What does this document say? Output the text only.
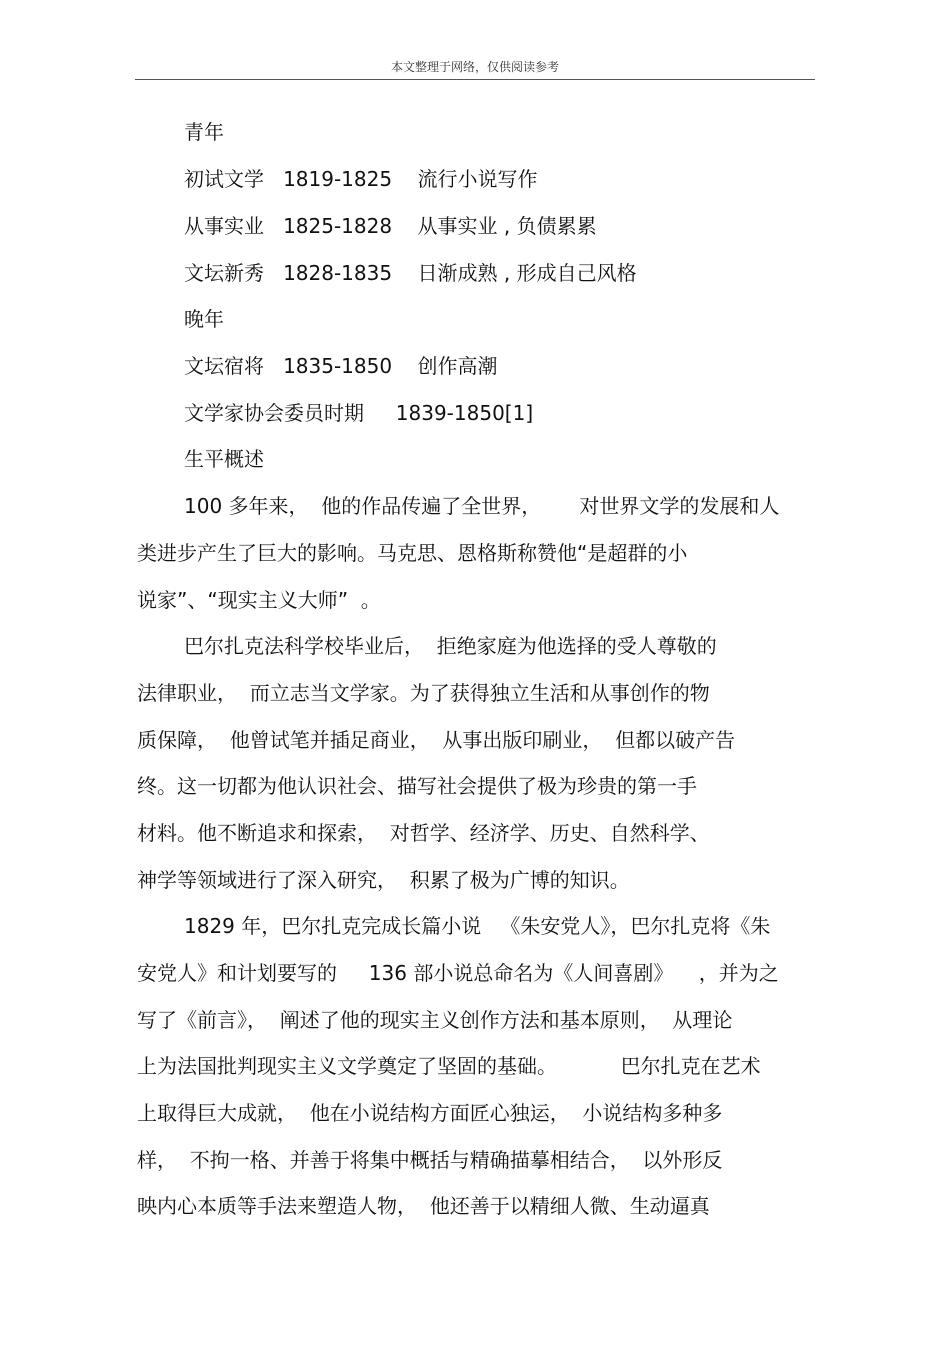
本文整理于网络，仅供阅读参考
青年
初试文学   1819-1825    流行小说写作
从事实业   1825-1828    从事实业 , 负债累累
文坛新秀   1828-1835    日渐成熟 , 形成自己风格
晚年
文坛宿将   1835-1850    创作高潮
文学家协会委员时期     1839-1850[1]
生平概述
100 多年来，  他的作品传遍了全世界，      对世界文学的发展和人
类进步产生了巨大的影响。马克思、恩格斯称赞他“是超群的小
说家”、“现实主义大师”  。
巴尔扎克法科学校毕业后，  拒绝家庭为他选择的受人尊敬的
法律职业，  而立志当文学家。为了获得独立生活和从事创作的物
质保障，  他曾试笔并插足商业，  从事出版印刷业，  但都以破产告
终。这一切都为他认识社会、描写社会提供了极为珍贵的第一手
材料。他不断追求和探索，  对哲学、经济学、历史、自然科学、
神学等领域进行了深入研究，  积累了极为广博的知识。
1829 年，巴尔扎克完成长篇小说   《朱安党人》，巴尔扎克将《朱
安党人》和计划要写的     136 部小说总命名为《人间喜剧》    ，并为之
写了《前言》，  阐述了他的现实主义创作方法和基本原则，  从理论
上为法国批判现实主义文学奠定了坚固的基础。          巴尔扎克在艺术
上取得巨大成就，  他在小说结构方面匠心独运，  小说结构多种多
样，  不拘一格、并善于将集中概括与精确描摹相结合，  以外形反
映内心本质等手法来塑造人物，  他还善于以精细人微、生动逼真
